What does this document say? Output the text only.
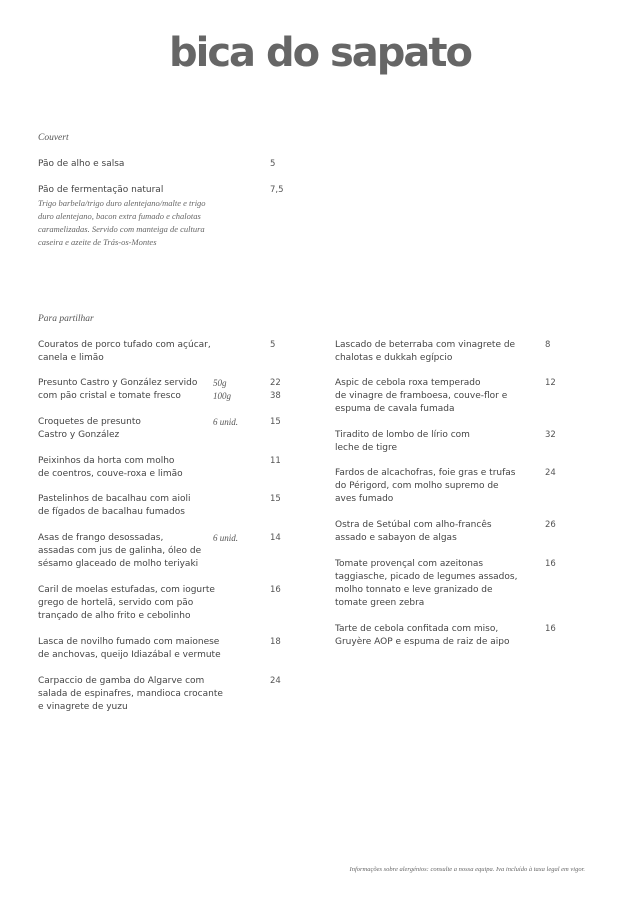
bica do sapato
Couvert
Pão de alho e salsa	5
Pão de fermentação natural
Trigo barbela/trigo duro alentejano/malte e trigo
duro alentejano, bacon extra fumado e chalotas
caramelizadas. Servido com manteiga de cultura
caseira e azeite de Trás-os-Montes
7,5
Para partilhar
Couratos de porco tufado com açúcar,
canela e limão
5
Presunto Castro y González servido
com pão cristal e tomate fresco
50g
100g
22
38
Croquetes de presunto
Castro y González
6 unid.	15
Peixinhos da horta com molho
de coentros, couve-roxa e limão
11
Pastelinhos de bacalhau com aioli
de fígados de bacalhau fumados
15
Asas de frango desossadas,
assadas com jus de galinha, óleo de
sésamo glaceado de molho teriyaki
6 unid.	14
Caril de moelas estufadas, com iogurte
grego de hortelã, servido com pão
trançado de alho frito e cebolinho
16
Lasca de novilho fumado com maionese
de anchovas, queijo Idiazábal e vermute
18
Carpaccio de gamba do Algarve com
salada de espinafres, mandioca crocante
e vinagrete de yuzu
24
Lascado de beterraba com vinagrete de
chalotas e dukkah egípcio
8
Aspic de cebola roxa temperado
de vinagre de framboesa, couve-flor e
espuma de cavala fumada
12
Tiradito de lombo de lírio com
leche de tigre
32
Fardos de alcachofras, foie gras e trufas
do Périgord, com molho supremo de
aves fumado
24
Ostra de Setúbal com alho-francês
assado e sabayon de algas
26
Tomate provençal com azeitonas
taggiasche, picado de legumes assados,
molho tonnato e leve granizado de
tomate green zebra
16
Tarte de cebola confitada com miso,
Gruyère AOP e espuma de raiz de aipo
16
Informações sobre alergénios: consulte a nossa equipa. Iva incluído à taxa legal em vigor.
